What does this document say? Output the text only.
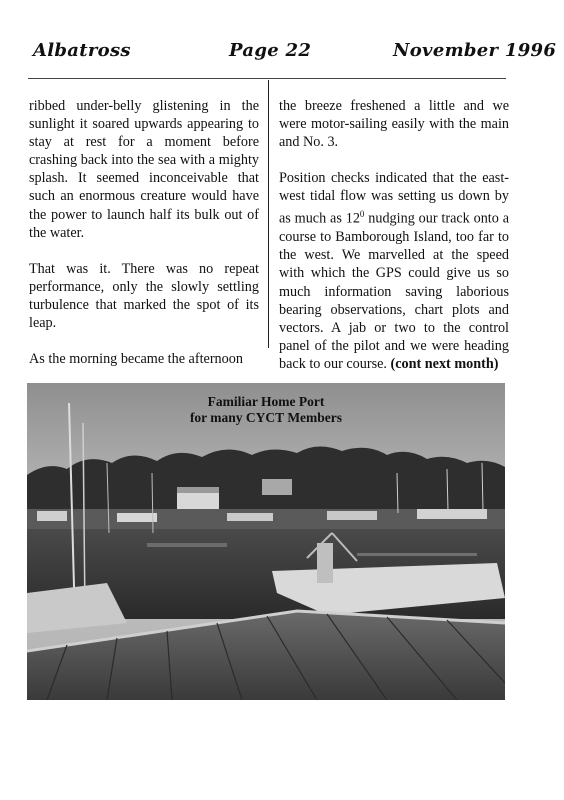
Albatross	Page 22	November 1996

ribbed under-belly glistening in the sunlight it soared upwards appearing to stay at rest for a moment before crashing back into the sea with a mighty splash. It seemed inconceivable that such an enormous creature would have the power to launch half its bulk out of the water.

That was it. There was no repeat performance, only the slowly settling turbulence that marked the spot of its leap.

As the morning became the afternoon

the breeze freshened a little and we were motor-sailing easily with the main and No. 3.

Position checks indicated that the east-west tidal flow was setting us down by as much as $12^0$ nudging our track onto a course to Bamborough Island, too far to the west. We marvelled at the speed with which the GPS could give us so much information saving laborious bearing observations, chart plots and vectors. A jab or two to the control panel of the pilot and we were heading back to our course. (cont next month)

Familiar Home Port
for many CYCT Members
